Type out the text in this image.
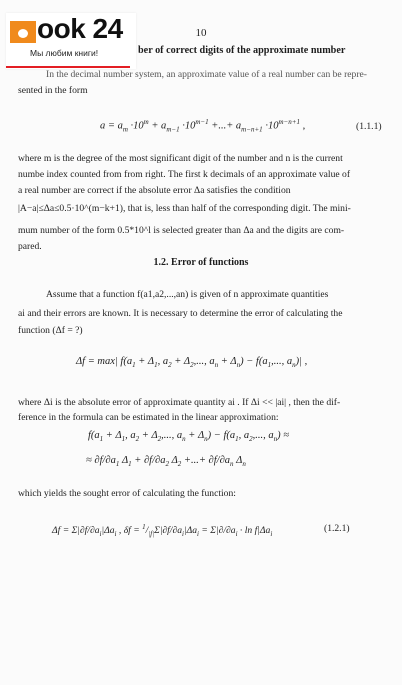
10
ber of correct digits of the approximate number
ook 24
Мы любим книги!
In the decimal number system, an approximate value of a real number can be repre-
sented in the form
$a = a_m \cdot 10^m + a_{m-1} \cdot 10^{m-1}$ +...+ $a_{m-n+1} \cdot 10^{m-n+1}$ ,	(1.1.1)
where m is the degree of the most significant digit of the number and n is the current
numbe index counted from from right. The first k decimals of an approximate value of
a real number are correct if the absolute error Δa satisfies the condition
|A−a|≤Δa≤0.5·10^(m−k+1), that is, less than half of the corresponding digit. The mini-
mum number of the form 0.5*10^l is selected greater than Δa and the digits are com-
pared.
1.2. Error of functions
Assume that a function f(a1,a2,...,an) is given of n approximate quantities
ai and their errors are known. It is necessary to determine the error of calculating the
function (Δf = ?)
Δf = max| $f(a_1 + \Delta_1$, $a_2 + \Delta_2$,..., $a_n + \Delta_n) - f(a_1$,..., $a_n)|$ ,
where Δi is the absolute error of approximate quantity ai . If Δi << |ai| , then the dif-
ference in the formula can be estimated in the linear approximation:
$f(a_1 + \Delta_1$, $a_2 + \Delta_2$,..., $a_n + \Delta_n) - f(a_1$, $a_2$,..., $a_n$) ≈
≈ $\partial f/\partial a_1$ $\Delta_1 + \partial f/\partial a_2$ $\Delta_2$ +...+ $\partial f/\partial a_n$ $\Delta_n$
which yields the sought error of calculating the function:
$\Delta f = \Sigma|\partial f/\partial a_i|\Delta a_i$ , $\delta f = ^1/_{|f|}\Sigma|\partial f/\partial a_i|\Delta a_i = \Sigma|\partial/\partial a_i \cdot \ln f|\Delta a_i$
(1.2.1)
